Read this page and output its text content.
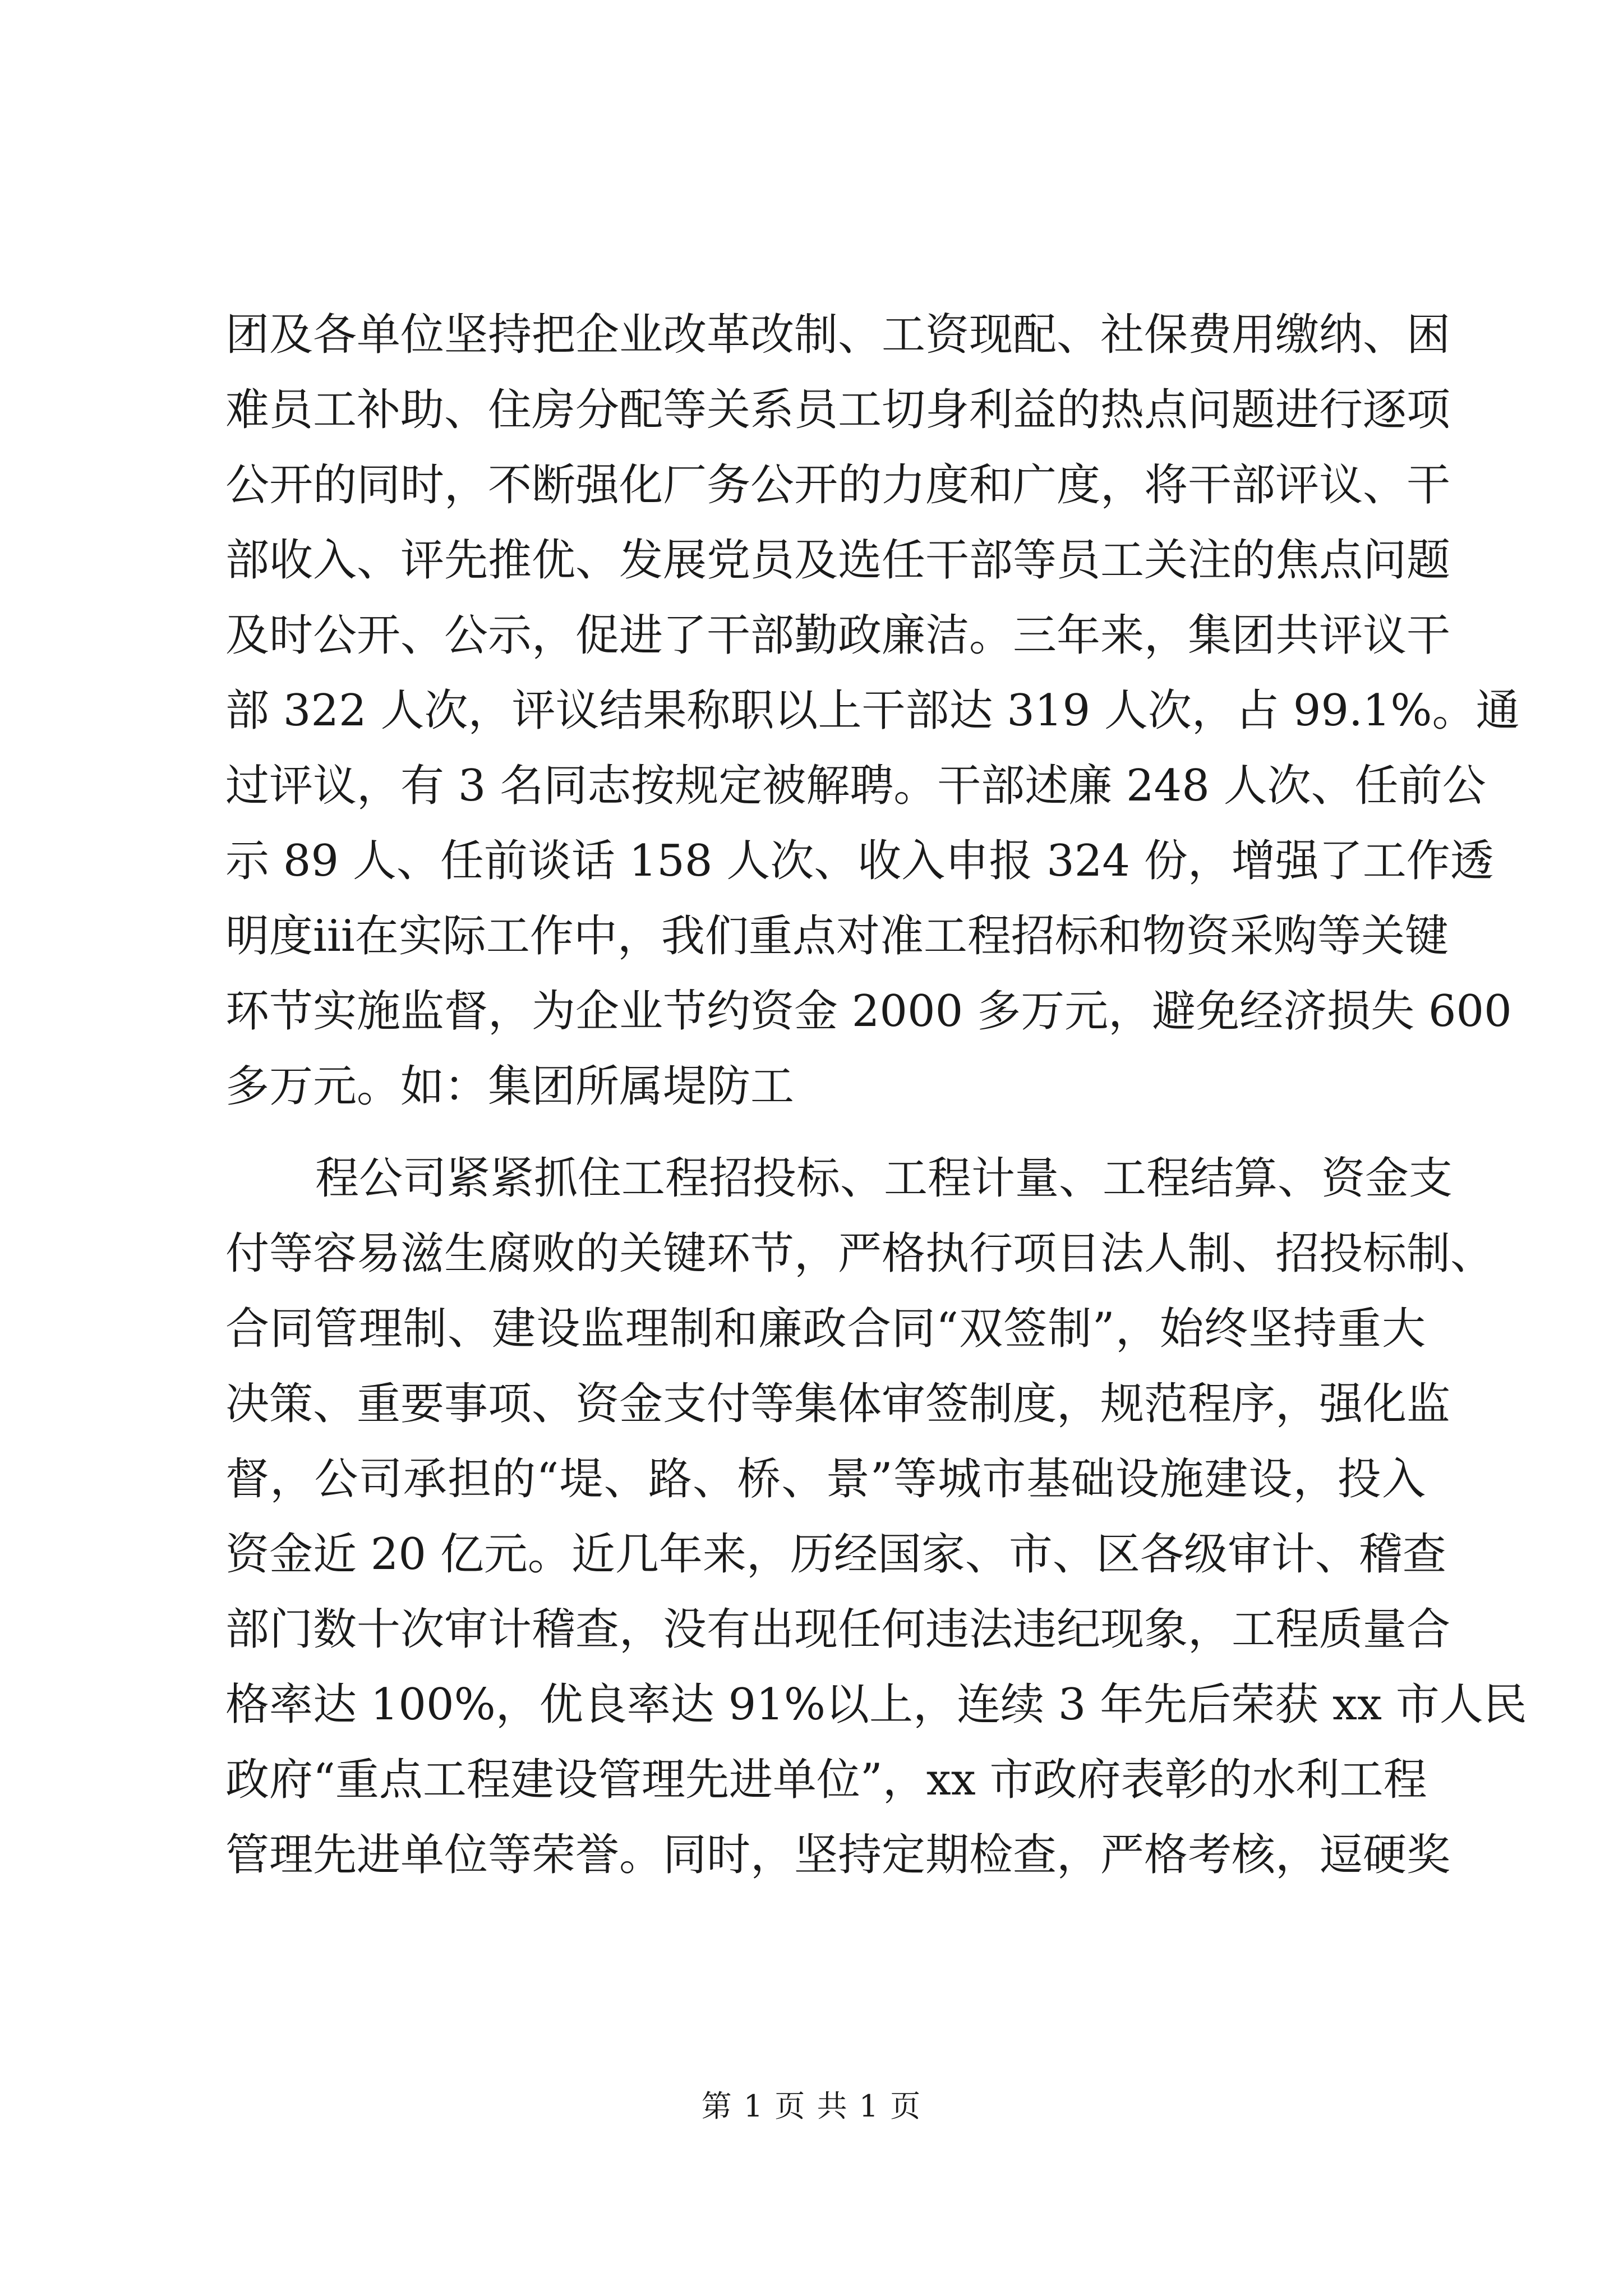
团及各单位坚持把企业改革改制、工资现配、社保费用缴纳、困
难员工补助、住房分配等关系员工切身利益的热点问题进行逐项
公开的同时，不断强化厂务公开的力度和广度，将干部评议、干
部收入、评先推优、发展党员及选任干部等员工关注的焦点问题
及时公开、公示，促进了干部勤政廉洁。三年来，集团共评议干
部 322 人次，评议结果称职以上干部达 319 人次，占 99.1%。通
过评议，有 3 名同志按规定被解聘。干部述廉 248 人次、任前公
示 89 人、任前谈话 158 人次、收入申报 324 份，增强了工作透
明度iii在实际工作中，我们重点对准工程招标和物资采购等关键
环节实施监督，为企业节约资金 2000 多万元，避免经济损失 600
多万元。如：集团所属堤防工
程公司紧紧抓住工程招投标、工程计量、工程结算、资金支
付等容易滋生腐败的关键环节，严格执行项目法人制、招投标制、
合同管理制、建设监理制和廉政合同“双签制”，始终坚持重大
决策、重要事项、资金支付等集体审签制度，规范程序，强化监
督，公司承担的“堤、路、桥、景”等城市基础设施建设，投入
资金近 20 亿元。近几年来，历经国家、市、区各级审计、稽查
部门数十次审计稽查，没有出现任何违法违纪现象，工程质量合
格率达 100%，优良率达 91%以上，连续 3 年先后荣获 xx 市人民
政府“重点工程建设管理先进单位”，xx 市政府表彰的水利工程
管理先进单位等荣誉。同时，坚持定期检查，严格考核，逗硬奖
第 1 页 共 1 页
